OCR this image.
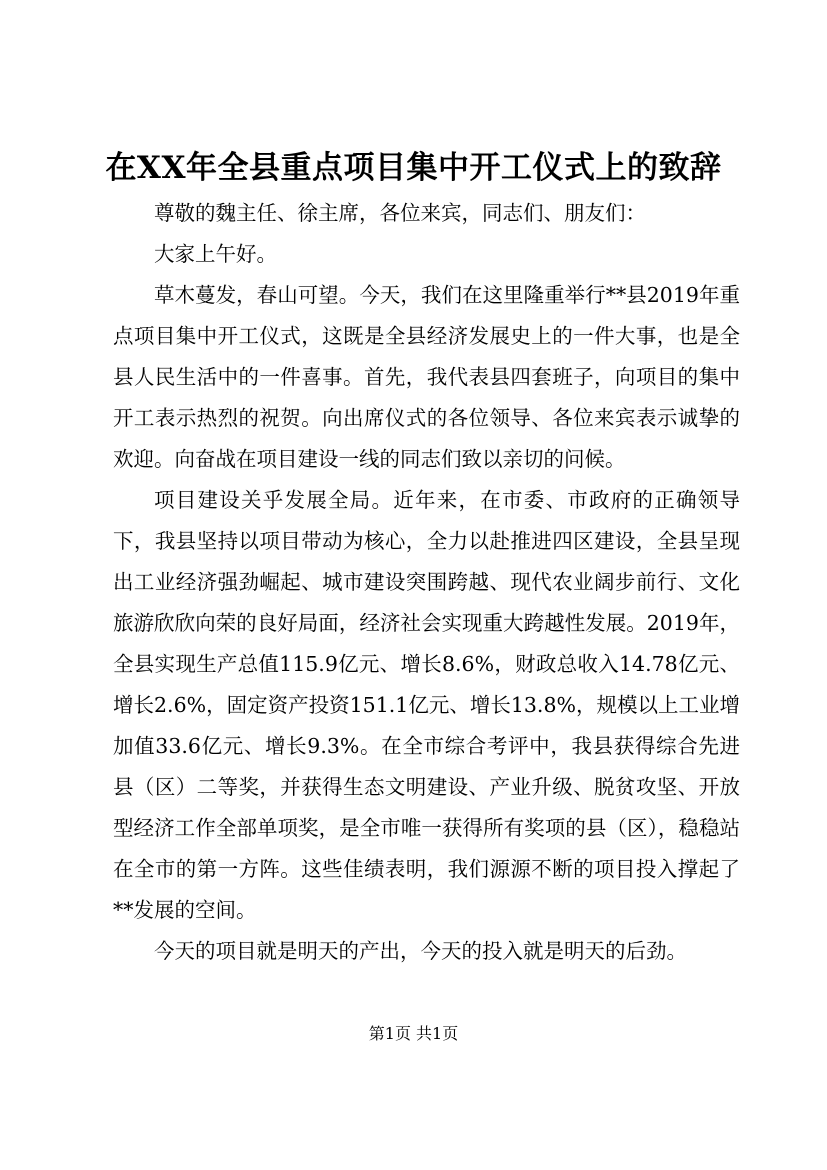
在XX年全县重点项目集中开工仪式上的致辞

尊敬的魏主任、徐主席，各位来宾，同志们、朋友们：

大家上午好。

草木蔓发，春山可望。今天，我们在这里隆重举行**县2019年重点项目集中开工仪式，这既是全县经济发展史上的一件大事，也是全县人民生活中的一件喜事。首先，我代表县四套班子，向项目的集中开工表示热烈的祝贺。向出席仪式的各位领导、各位来宾表示诚挚的欢迎。向奋战在项目建设一线的同志们致以亲切的问候。

项目建设关乎发展全局。近年来，在市委、市政府的正确领导下，我县坚持以项目带动为核心，全力以赴推进四区建设，全县呈现出工业经济强劲崛起、城市建设突围跨越、现代农业阔步前行、文化旅游欣欣向荣的良好局面，经济社会实现重大跨越性发展。2019年，全县实现生产总值115.9亿元、增长8.6%，财政总收入14.78亿元、增长2.6%，固定资产投资151.1亿元、增长13.8%，规模以上工业增加值33.6亿元、增长9.3%。在全市综合考评中，我县获得综合先进县（区）二等奖，并获得生态文明建设、产业升级、脱贫攻坚、开放型经济工作全部单项奖，是全市唯一获得所有奖项的县（区），稳稳站在全市的第一方阵。这些佳绩表明，我们源源不断的项目投入撑起了**发展的空间。

今天的项目就是明天的产出，今天的投入就是明天的后劲。

第1页 共1页
